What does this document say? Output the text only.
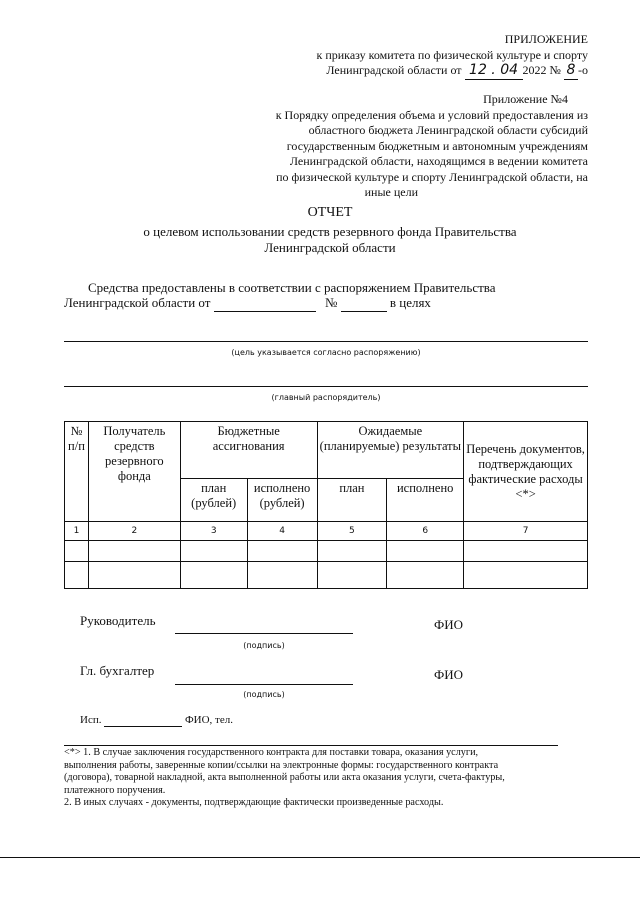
ПРИЛОЖЕНИЕ
к приказу комитета по физической культуре и спорту
Ленинградской области от 12 . 04 2022 № 8 -о
Приложение №4
к Порядку определения объема и условий предоставления из
областного бюджета Ленинградской области субсидий
государственным бюджетным и автономным учреждениям
Ленинградской области, находящимся в ведении комитета
по физической культуре и спорту Ленинградской области, на
иные цели
ОТЧЕТ
о целевом использовании средств резервного фонда Правительства
Ленинградской области
Средства предоставлены в соответствии с распоряжением Правительства
Ленинградской области от	№	в целях
(цель указывается согласно распоряжению)
(главный распорядитель)
№ п/п	Получатель средств резервного фонда	Бюджетные ассигнования		Ожидаемые (планируемые) результаты		Перечень документов, подтверждающих фактические расходы <*>
		план (рублей)	исполнено (рублей)	план	исполнено	
1	2	3	4	5	6	7

Руководитель
(подпись)
ФИО
Гл. бухгалтер
(подпись)
ФИО
Исп.	ФИО, тел.
<*> 1. В случае заключения государственного контракта для поставки товара, оказания услуги,
выполнения работы, заверенные копии/ссылки на электронные формы: государственного контракта
(договора), товарной накладной, акта выполненной работы или акта оказания услуги, счета-фактуры,
платежного поручения.
2. В иных случаях - документы, подтверждающие фактически произведенные расходы.
